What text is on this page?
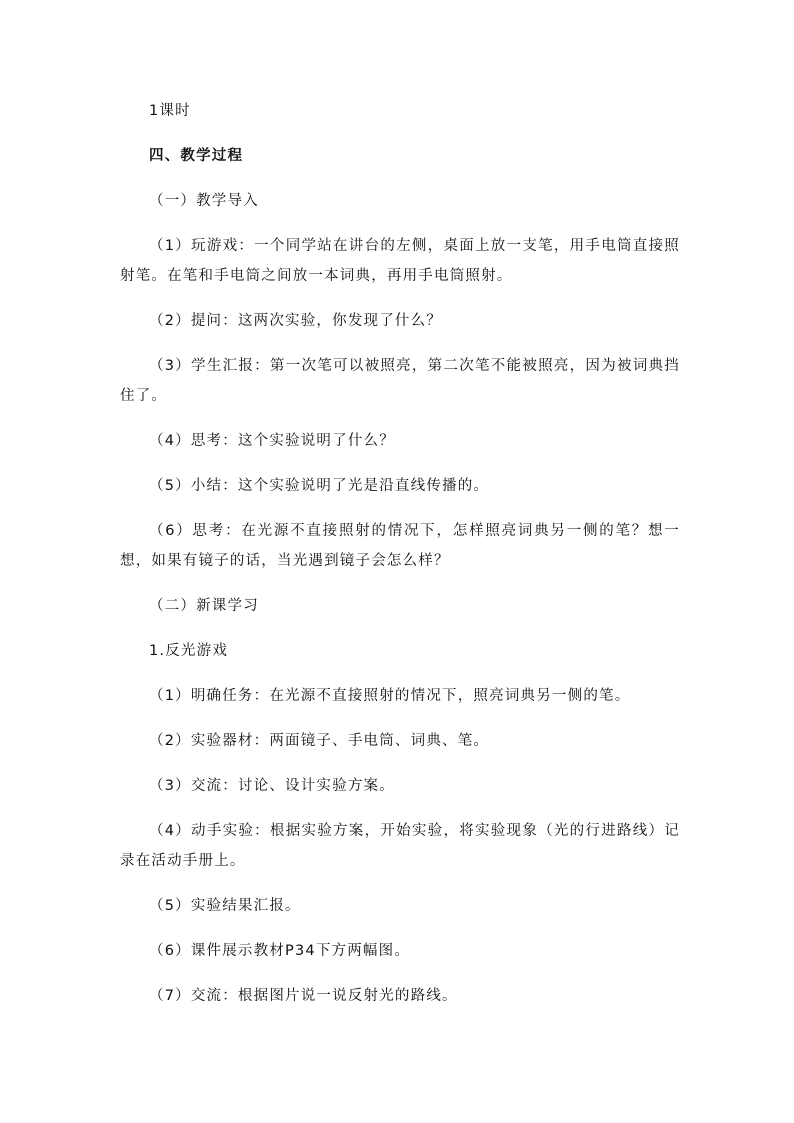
1课时

四、教学过程

（一）教学导入

（1）玩游戏：一个同学站在讲台的左侧，桌面上放一支笔，用手电筒直接照射笔。在笔和手电筒之间放一本词典，再用手电筒照射。

（2）提问：这两次实验，你发现了什么？

（3）学生汇报：第一次笔可以被照亮，第二次笔不能被照亮，因为被词典挡住了。

（4）思考：这个实验说明了什么？

（5）小结：这个实验说明了光是沿直线传播的。

（6）思考：在光源不直接照射的情况下，怎样照亮词典另一侧的笔？想一想，如果有镜子的话，当光遇到镜子会怎么样？

（二）新课学习

1.反光游戏

（1）明确任务：在光源不直接照射的情况下，照亮词典另一侧的笔。

（2）实验器材：两面镜子、手电筒、词典、笔。

（3）交流：讨论、设计实验方案。

（4）动手实验：根据实验方案，开始实验，将实验现象（光的行进路线）记录在活动手册上。

（5）实验结果汇报。

（6）课件展示教材P34下方两幅图。

（7）交流：根据图片说一说反射光的路线。
